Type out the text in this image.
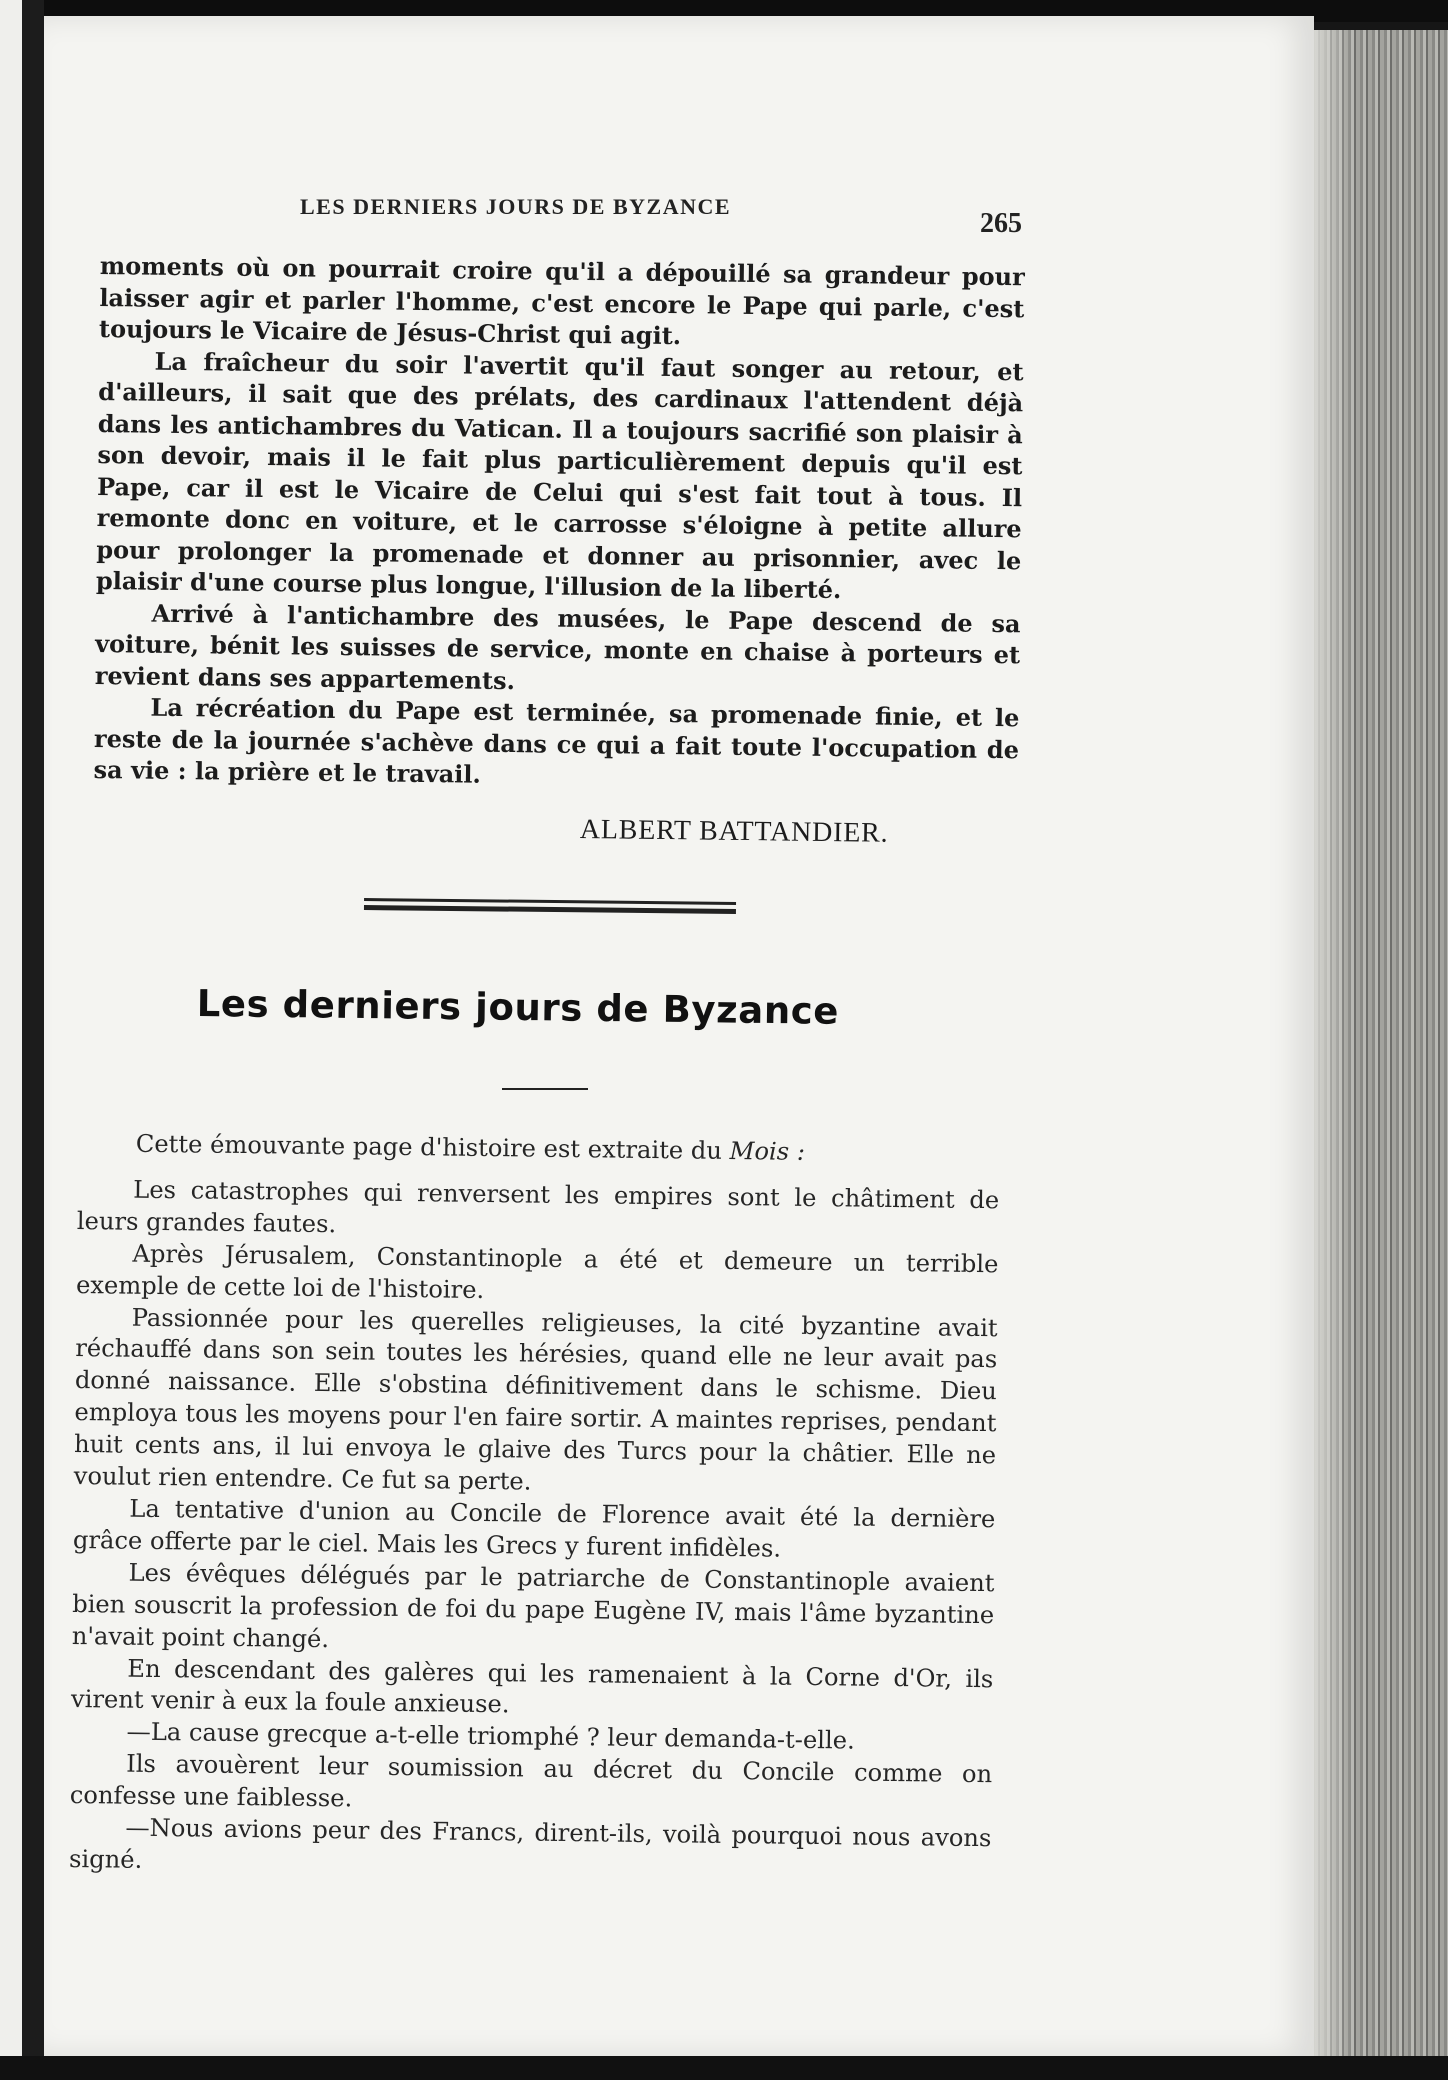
LES DERNIERS JOURS DE BYZANCE
265

moments où on pourrait croire qu'il a dépouillé sa grandeur pour laisser agir et parler l'homme, c'est encore le Pape qui parle, c'est toujours le Vicaire de Jésus-Christ qui agit.

La fraîcheur du soir l'avertit qu'il faut songer au retour, et d'ailleurs, il sait que des prélats, des cardinaux l'attendent déjà dans les antichambres du Vatican. Il a toujours sacrifié son plaisir à son devoir, mais il le fait plus particulièrement depuis qu'il est Pape, car il est le Vicaire de Celui qui s'est fait tout à tous. Il remonte donc en voiture, et le carrosse s'éloigne à petite allure pour prolonger la promenade et donner au prisonnier, avec le plaisir d'une course plus longue, l'illusion de la liberté.

Arrivé à l'antichambre des musées, le Pape descend de sa voiture, bénit les suisses de service, monte en chaise à porteurs et revient dans ses appartements.

La récréation du Pape est terminée, sa promenade finie, et le reste de la journée s'achève dans ce qui a fait toute l'occupation de sa vie : la prière et le travail.

ALBERT BATTANDIER.
Les derniers jours de Byzance

Cette émouvante page d'histoire est extraite du Mois :

Les catastrophes qui renversent les empires sont le châtiment de leurs grandes fautes.

Après Jérusalem, Constantinople a été et demeure un terrible exemple de cette loi de l'histoire.

Passionnée pour les querelles religieuses, la cité byzantine avait réchauffé dans son sein toutes les hérésies, quand elle ne leur avait pas donné naissance. Elle s'obstina définitivement dans le schisme. Dieu employa tous les moyens pour l'en faire sortir. A maintes reprises, pendant huit cents ans, il lui envoya le glaive des Turcs pour la châtier. Elle ne voulut rien entendre. Ce fut sa perte.

La tentative d'union au Concile de Florence avait été la dernière grâce offerte par le ciel. Mais les Grecs y furent infidèles.

Les évêques délégués par le patriarche de Constantinople avaient bien souscrit la profession de foi du pape Eugène IV, mais l'âme byzantine n'avait point changé.

En descendant des galères qui les ramenaient à la Corne d'Or, ils virent venir à eux la foule anxieuse.

—La cause grecque a-t-elle triomphé ? leur demanda-t-elle.

Ils avouèrent leur soumission au décret du Concile comme on confesse une faiblesse.

—Nous avions peur des Francs, dirent-ils, voilà pourquoi nous avons signé.
